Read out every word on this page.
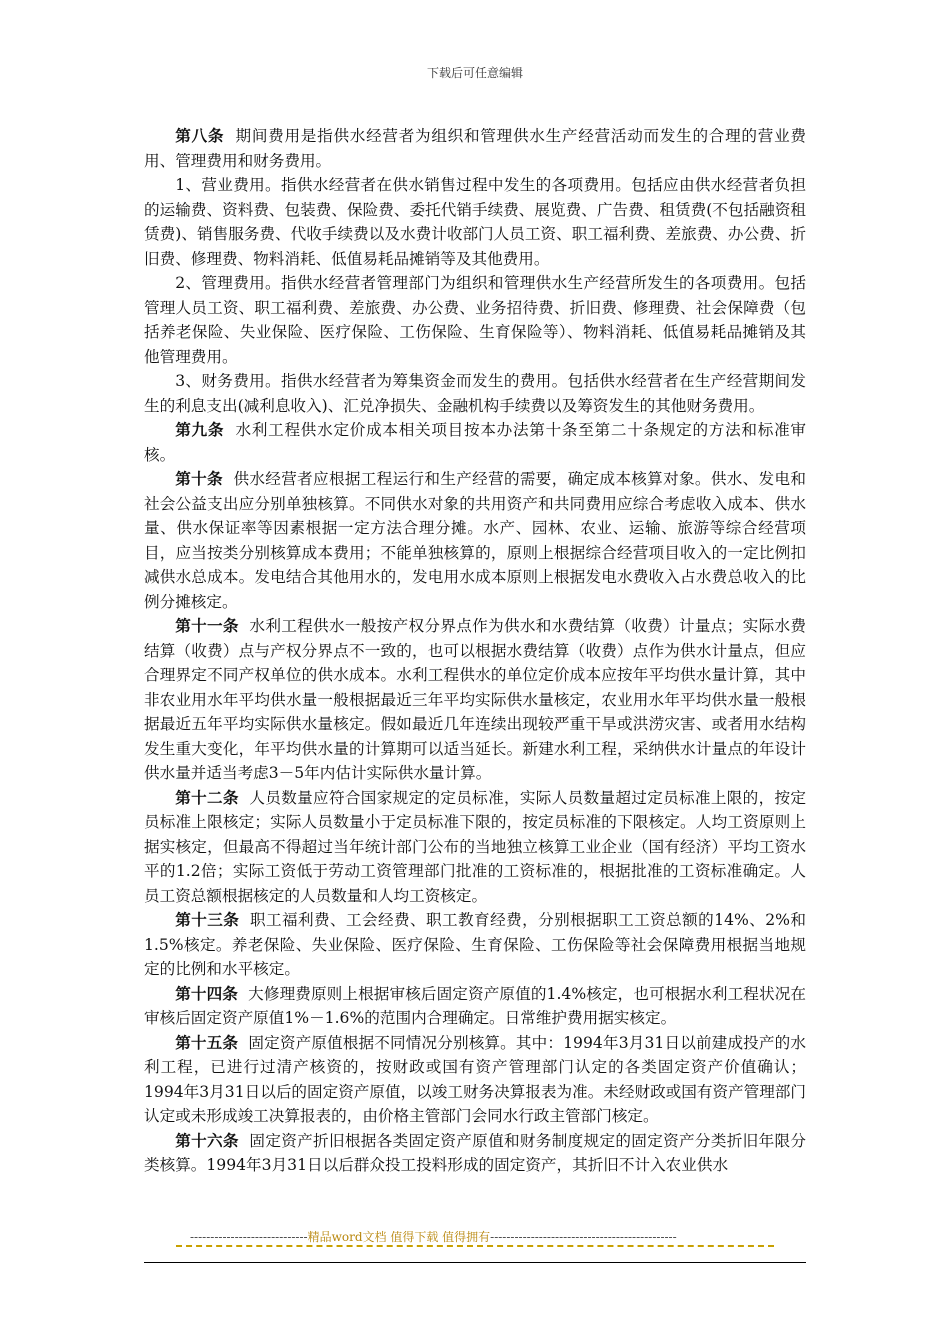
下载后可任意编辑

第八条 期间费用是指供水经营者为组织和管理供水生产经营活动而发生的合理的营业费用、管理费用和财务费用。

1、营业费用。指供水经营者在供水销售过程中发生的各项费用。包括应由供水经营者负担的运输费、资料费、包装费、保险费、委托代销手续费、展览费、广告费、租赁费(不包括融资租赁费)、销售服务费、代收手续费以及水费计收部门人员工资、职工福利费、差旅费、办公费、折旧费、修理费、物料消耗、低值易耗品摊销等及其他费用。

2、管理费用。指供水经营者管理部门为组织和管理供水生产经营所发生的各项费用。包括管理人员工资、职工福利费、差旅费、办公费、业务招待费、折旧费、修理费、社会保障费（包括养老保险、失业保险、医疗保险、工伤保险、生育保险等）、物料消耗、低值易耗品摊销及其他管理费用。

3、财务费用。指供水经营者为筹集资金而发生的费用。包括供水经营者在生产经营期间发生的利息支出(减利息收入)、汇兑净损失、金融机构手续费以及筹资发生的其他财务费用。

第九条 水利工程供水定价成本相关项目按本办法第十条至第二十条规定的方法和标准审核。

第十条 供水经营者应根据工程运行和生产经营的需要，确定成本核算对象。供水、发电和社会公益支出应分别单独核算。不同供水对象的共用资产和共同费用应综合考虑收入成本、供水量、供水保证率等因素根据一定方法合理分摊。水产、园林、农业、运输、旅游等综合经营项目，应当按类分别核算成本费用；不能单独核算的，原则上根据综合经营项目收入的一定比例扣减供水总成本。发电结合其他用水的，发电用水成本原则上根据发电水费收入占水费总收入的比例分摊核定。

第十一条 水利工程供水一般按产权分界点作为供水和水费结算（收费）计量点；实际水费结算（收费）点与产权分界点不一致的，也可以根据水费结算（收费）点作为供水计量点，但应合理界定不同产权单位的供水成本。水利工程供水的单位定价成本应按年平均供水量计算，其中非农业用水年平均供水量一般根据最近三年平均实际供水量核定，农业用水年平均供水量一般根据最近五年平均实际供水量核定。假如最近几年连续出现较严重干旱或洪涝灾害、或者用水结构发生重大变化，年平均供水量的计算期可以适当延长。新建水利工程，采纳供水计量点的年设计供水量并适当考虑3－5年内估计实际供水量计算。

第十二条 人员数量应符合国家规定的定员标准，实际人员数量超过定员标准上限的，按定员标准上限核定；实际人员数量小于定员标准下限的，按定员标准的下限核定。人均工资原则上据实核定，但最高不得超过当年统计部门公布的当地独立核算工业企业（国有经济）平均工资水平的1.2倍；实际工资低于劳动工资管理部门批准的工资标准的，根据批准的工资标准确定。人员工资总额根据核定的人员数量和人均工资核定。

第十三条 职工福利费、工会经费、职工教育经费，分别根据职工工资总额的14%、2%和1.5%核定。养老保险、失业保险、医疗保险、生育保险、工伤保险等社会保障费用根据当地规定的比例和水平核定。

第十四条 大修理费原则上根据审核后固定资产原值的1.4%核定，也可根据水利工程状况在审核后固定资产原值1%－1.6%的范围内合理确定。日常维护费用据实核定。

第十五条 固定资产原值根据不同情况分别核算。其中：1994年3月31日以前建成投产的水利工程，已进行过清产核资的，按财政或国有资产管理部门认定的各类固定资产价值确认；1994年3月31日以后的固定资产原值，以竣工财务决算报表为准。未经财政或国有资产管理部门认定或未形成竣工决算报表的，由价格主管部门会同水行政主管部门核定。

第十六条 固定资产折旧根据各类固定资产原值和财务制度规定的固定资产分类折旧年限分类核算。1994年3月31日以后群众投工投料形成的固定资产，其折旧不计入农业供水

-----------------------------精品word文档 值得下载 值得拥有----------------------------------------------
